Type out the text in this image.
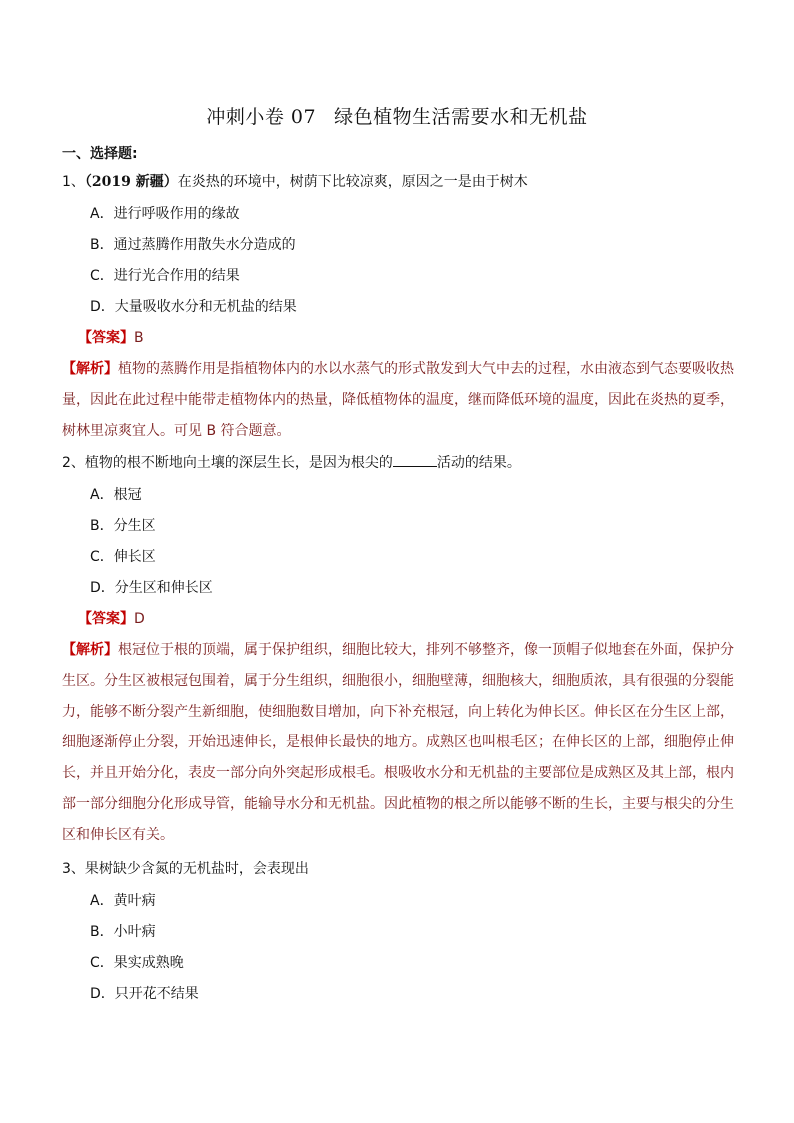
冲刺小卷 07 绿色植物生活需要水和无机盐
一、选择题:
1、（2019 新疆）在炎热的环境中，树荫下比较凉爽，原因之一是由于树木
A．进行呼吸作用的缘故
B．通过蒸腾作用散失水分造成的
C．进行光合作用的结果
D．大量吸收水分和无机盐的结果
【答案】B
【解析】植物的蒸腾作用是指植物体内的水以水蒸气的形式散发到大气中去的过程，水由液态到气态要吸收热量，因此在此过程中能带走植物体内的热量，降低植物体的温度，继而降低环境的温度，因此在炎热的夏季，树林里凉爽宜人。可见 B 符合题意。
2、植物的根不断地向土壤的深层生长，是因为根尖的	活动的结果。
A．根冠
B．分生区
C．伸长区
D．分生区和伸长区
【答案】D
【解析】根冠位于根的顶端，属于保护组织，细胞比较大，排列不够整齐，像一顶帽子似地套在外面，保护分生区。分生区被根冠包围着，属于分生组织，细胞很小，细胞壁薄，细胞核大，细胞质浓，具有很强的分裂能力，能够不断分裂产生新细胞，使细胞数目增加，向下补充根冠，向上转化为伸长区。伸长区在分生区上部，细胞逐渐停止分裂，开始迅速伸长，是根伸长最快的地方。成熟区也叫根毛区；在伸长区的上部，细胞停止伸长，并且开始分化，表皮一部分向外突起形成根毛。根吸收水分和无机盐的主要部位是成熟区及其上部，根内部一部分细胞分化形成导管，能输导水分和无机盐。因此植物的根之所以能够不断的生长，主要与根尖的分生区和伸长区有关。
3、果树缺少含氮的无机盐时，会表现出
A．黄叶病
B．小叶病
C．果实成熟晚
D．只开花不结果
